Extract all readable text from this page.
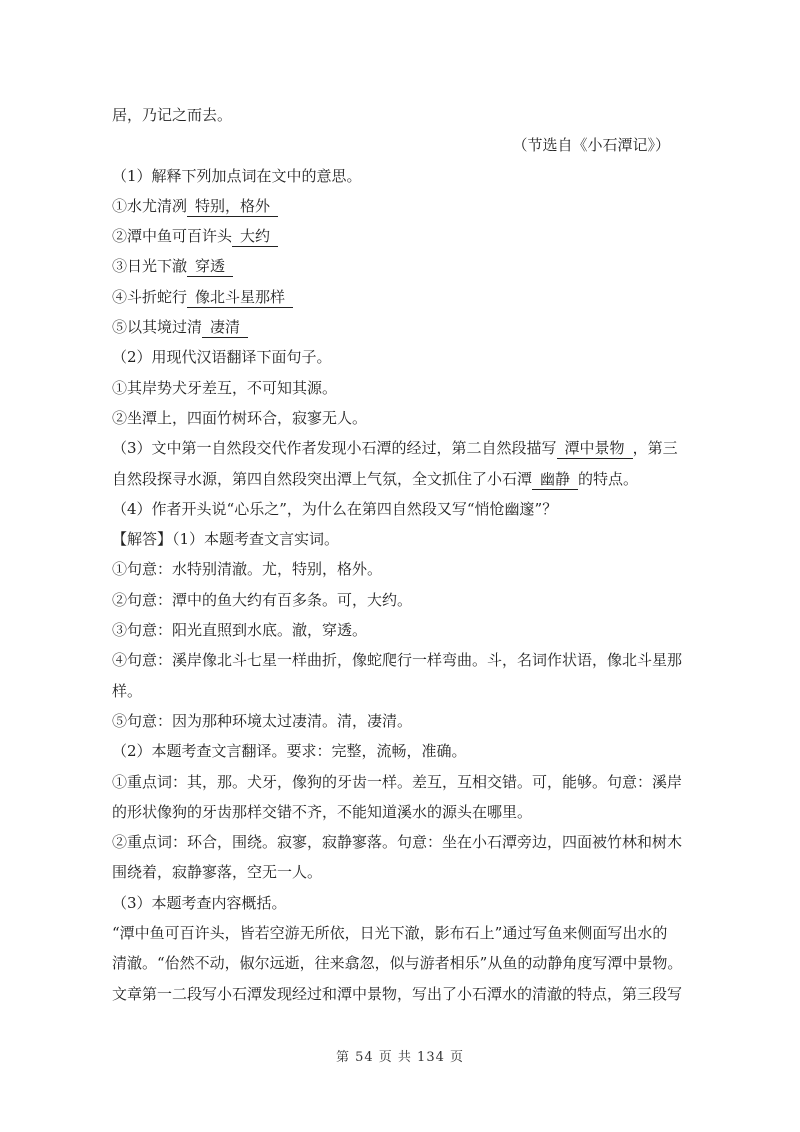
居，乃记之而去。
（节选自《小石潭记》）
（1）解释下列加点词在文中的意思。
①水尤清冽 特别，格外
②潭中鱼可百许头 大约
③日光下澈 穿透
④斗折蛇行 像北斗星那样
⑤以其境过清 凄清
（2）用现代汉语翻译下面句子。
①其岸势犬牙差互，不可知其源。
②坐潭上，四面竹树环合，寂寥无人。
（3）文中第一自然段交代作者发现小石潭的经过，第二自然段描写 潭中景物 ，第三
自然段探寻水源，第四自然段突出潭上气氛，全文抓住了小石潭 幽静 的特点。
（4）作者开头说“心乐之”，为什么在第四自然段又写“悄怆幽邃”？
【解答】（1）本题考查文言实词。
①句意：水特别清澈。尤，特别，格外。
②句意：潭中的鱼大约有百多条。可，大约。
③句意：阳光直照到水底。澈，穿透。
④句意：溪岸像北斗七星一样曲折，像蛇爬行一样弯曲。斗，名词作状语，像北斗星那
样。
⑤句意：因为那种环境太过凄清。清，凄清。
（2）本题考查文言翻译。要求：完整，流畅，准确。
①重点词：其，那。犬牙，像狗的牙齿一样。差互，互相交错。可，能够。句意：溪岸
的形状像狗的牙齿那样交错不齐，不能知道溪水的源头在哪里。
②重点词：环合，围绕。寂寥，寂静寥落。句意：坐在小石潭旁边，四面被竹林和树木
围绕着，寂静寥落，空无一人。
（3）本题考查内容概括。
“潭中鱼可百许头，皆若空游无所依，日光下澈，影布石上”通过写鱼来侧面写出水的
清澈。“佁然不动，俶尔远逝，往来翕忽，似与游者相乐”从鱼的动静角度写潭中景物。
文章第一二段写小石潭发现经过和潭中景物，写出了小石潭水的清澈的特点，第三段写
第 54 页 共 134 页
